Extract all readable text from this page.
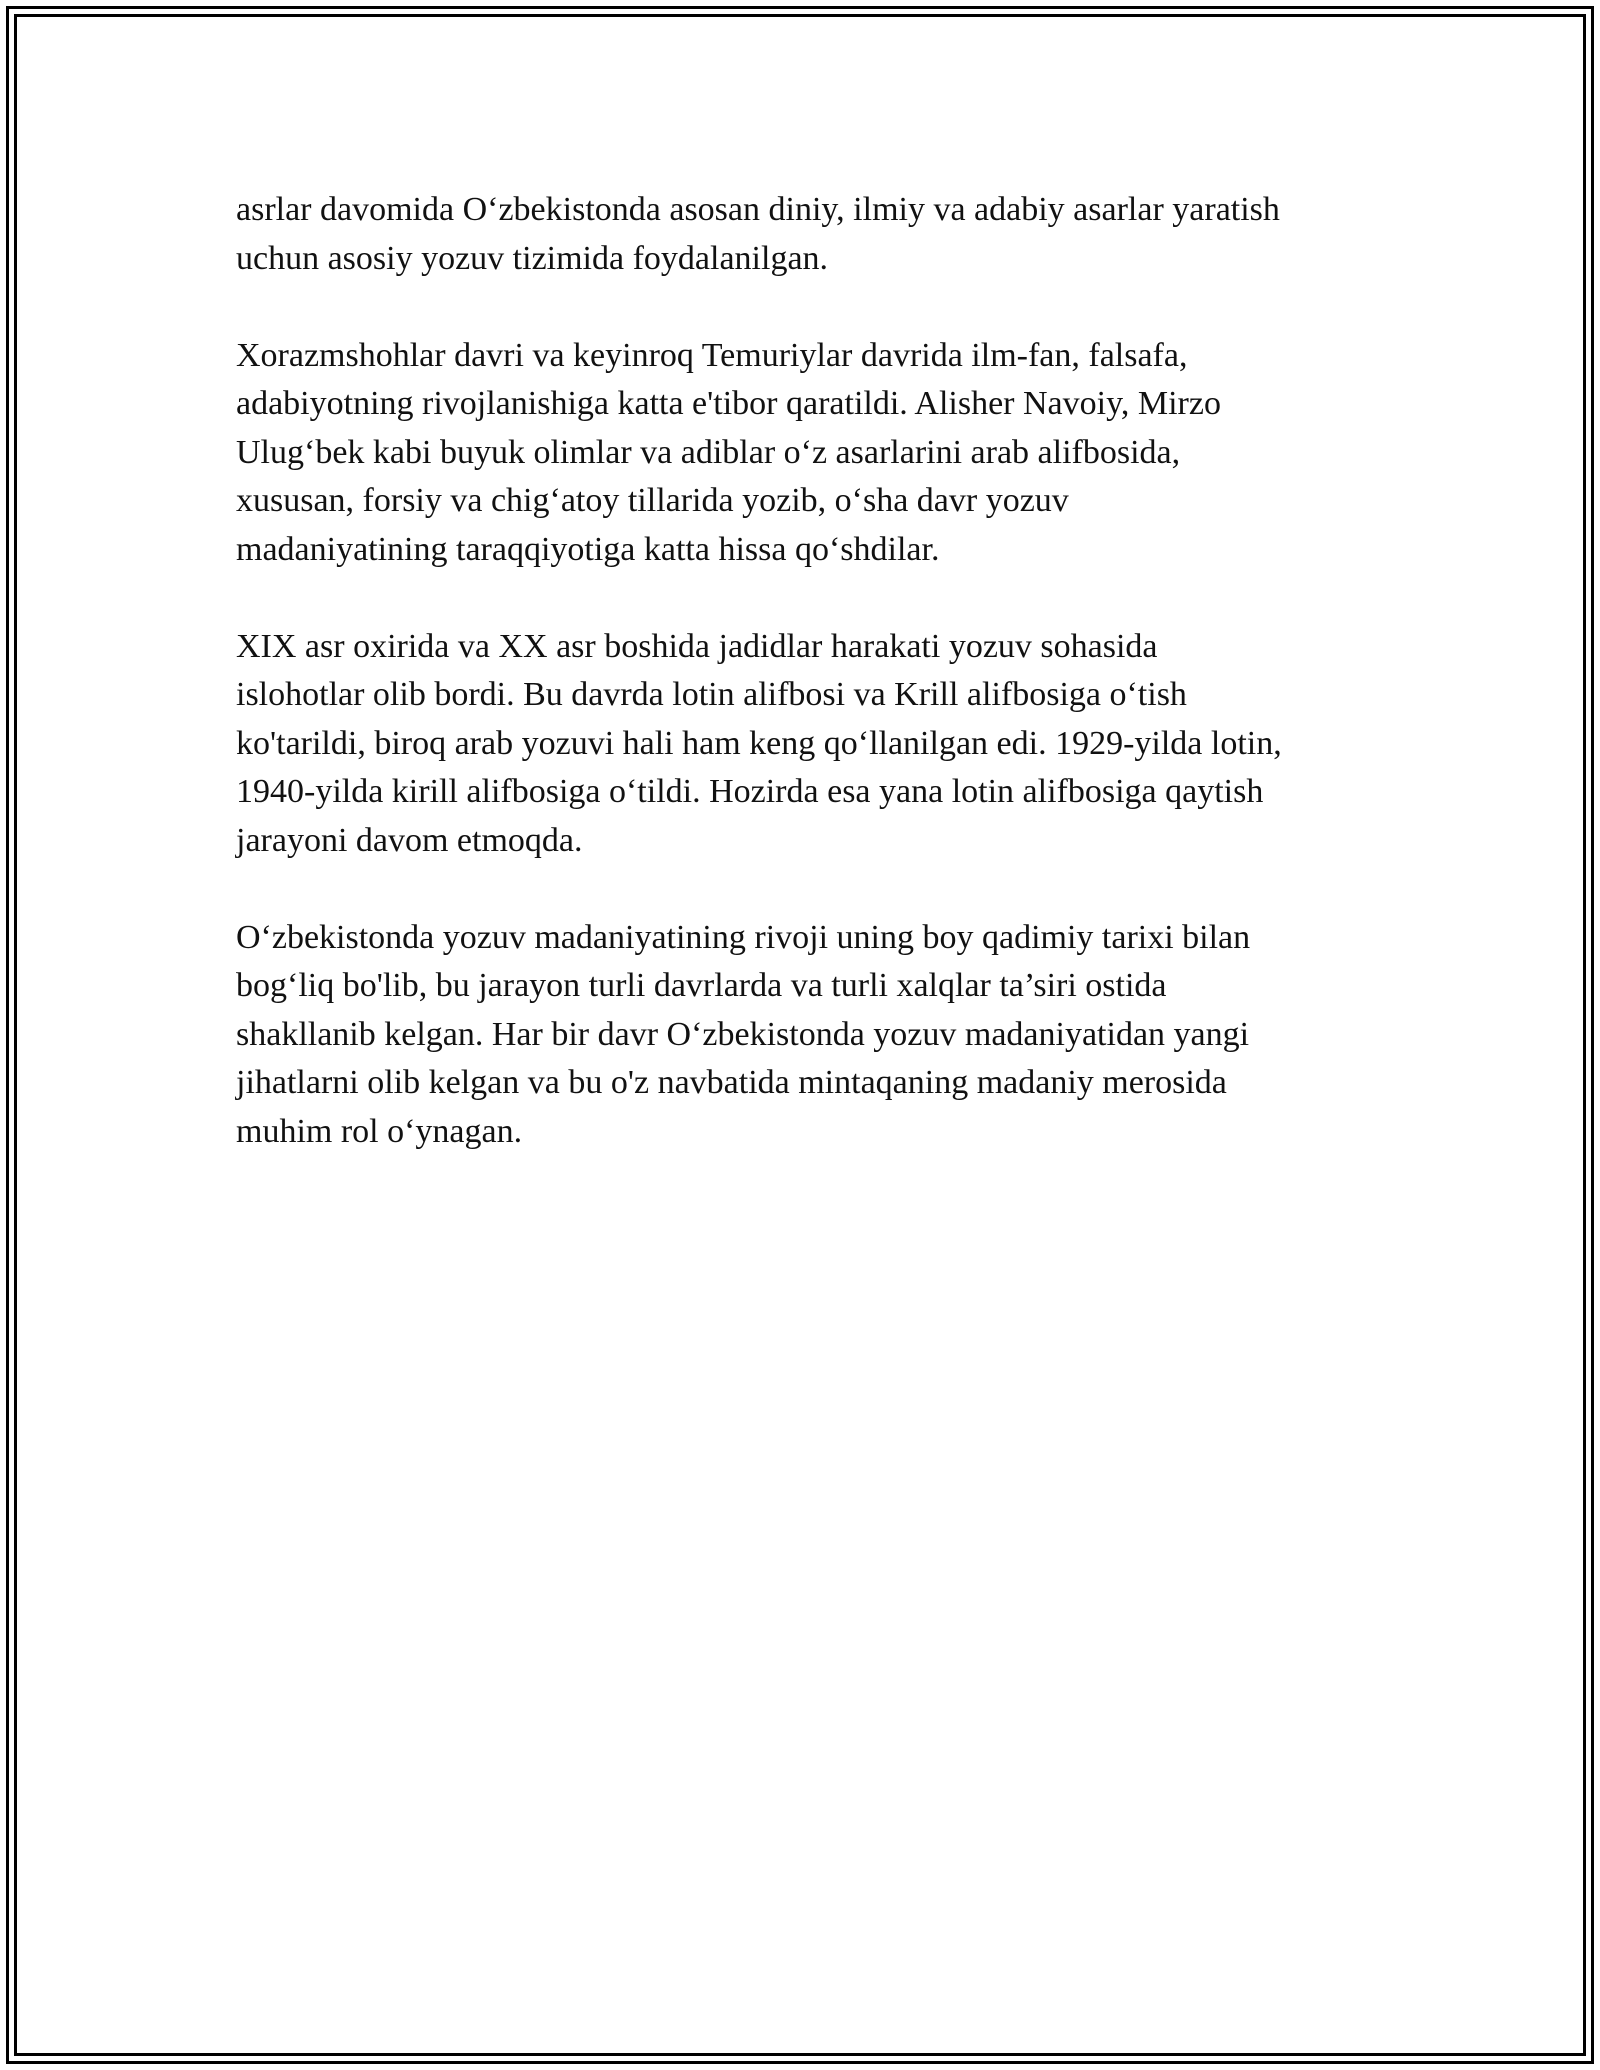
asrlar davomida O‘zbekistonda asosan diniy, ilmiy va adabiy asarlar yaratish
uchun asosiy yozuv tizimida foydalanilgan.

Xorazmshohlar davri va keyinroq Temuriylar davrida ilm-fan, falsafa,
adabiyotning rivojlanishiga katta e'tibor qaratildi. Alisher Navoiy, Mirzo
Ulug‘bek kabi buyuk olimlar va adiblar o‘z asarlarini arab alifbosida,
xususan, forsiy va chig‘atoy tillarida yozib, o‘sha davr yozuv
madaniyatining taraqqiyotiga katta hissa qo‘shdilar.

XIX asr oxirida va XX asr boshida jadidlar harakati yozuv sohasida
islohotlar olib bordi. Bu davrda lotin alifbosi va Krill alifbosiga o‘tish
ko'tarildi, biroq arab yozuvi hali ham keng qo‘llanilgan edi. 1929-yilda lotin,
1940-yilda kirill alifbosiga o‘tildi. Hozirda esa yana lotin alifbosiga qaytish
jarayoni davom etmoqda.

O‘zbekistonda yozuv madaniyatining rivoji uning boy qadimiy tarixi bilan
bog‘liq bo'lib, bu jarayon turli davrlarda va turli xalqlar ta’siri ostida
shakllanib kelgan. Har bir davr O‘zbekistonda yozuv madaniyatidan yangi
jihatlarni olib kelgan va bu o'z navbatida mintaqaning madaniy merosida
muhim rol o‘ynagan.
